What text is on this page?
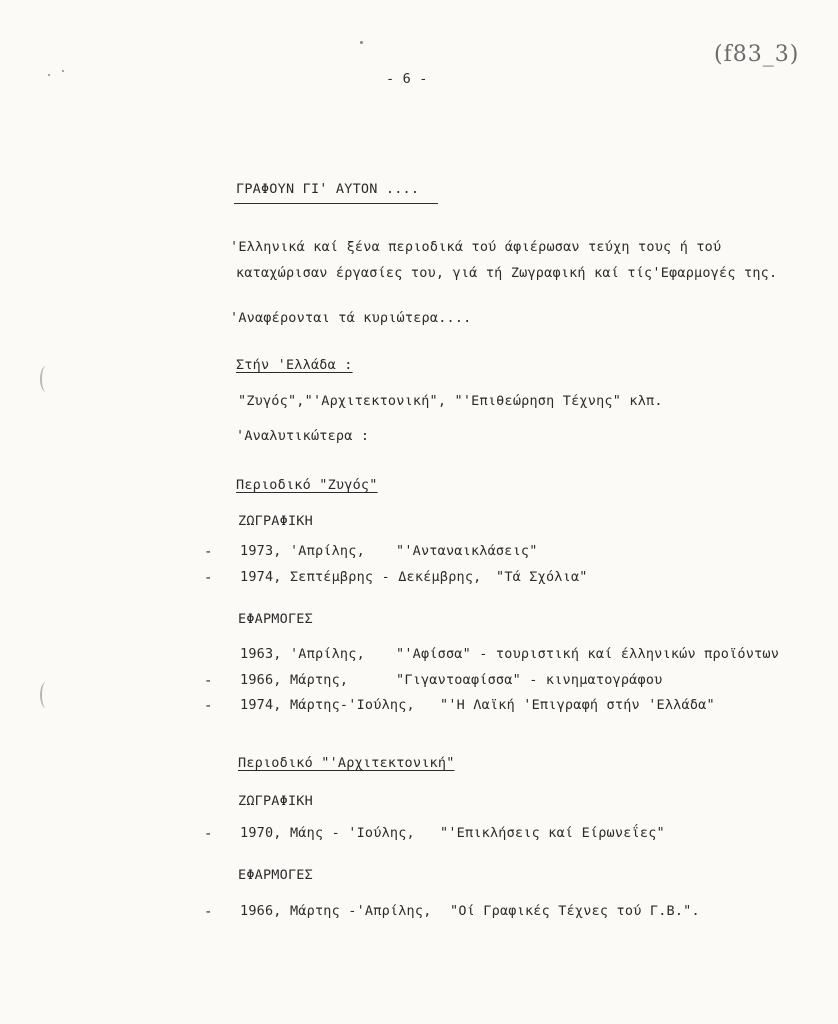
- 6 -
(f83_3)
ΓΡΑΦΟΥΝ ΓΙ' ΑΥΤΟΝ ....
'Ελληνικά καί ξένα περιοδικά τού άφιέρωσαν τεύχη τους ή τού
καταχώρισαν έργασίες του, γιά τή Ζωγραφική καί τίς'Εφαρμογές της.
'Αναφέρονται τά κυριώτερα....
Στήν 'Ελλάδα :
"Ζυγός","'Αρχιτεκτονική", "'Επιθεώρηση Τέχνης" κλπ.
'Αναλυτικώτερα :
Περιοδικό "Ζυγός"
ΖΩΓΡΑΦΙΚΗ
- 1973, 'Απρίλης, "'Ανταναικλάσεις"
- 1974, Σεπτέμβρης - Δεκέμβρης, "Τά Σχόλια"
ΕΦΑΡΜΟΓΕΣ
1963, 'Απρίλης, "'Αφίσσα" - τουριστική καί έλληνικών προϊόντων
- 1966, Μάρτης,	"Γιγαντοαφίσσα" - κινηματογράφου
- 1974, Μάρτης-'Ιούλης, "'Η Λαϊκή 'Επιγραφή στήν 'Ελλάδα"
Περιοδικό "'Αρχιτεκτονική"
ΖΩΓΡΑΦΙΚΗ
- 1970, Μάης - 'Ιούλης, "'Επικλήσεις καί Είρωνεΐες"
ΕΦΑΡΜΟΓΕΣ
- 1966, Μάρτης -'Απρίλης, "Οί Γραφικές Τέχνες τού Γ.Β.".
